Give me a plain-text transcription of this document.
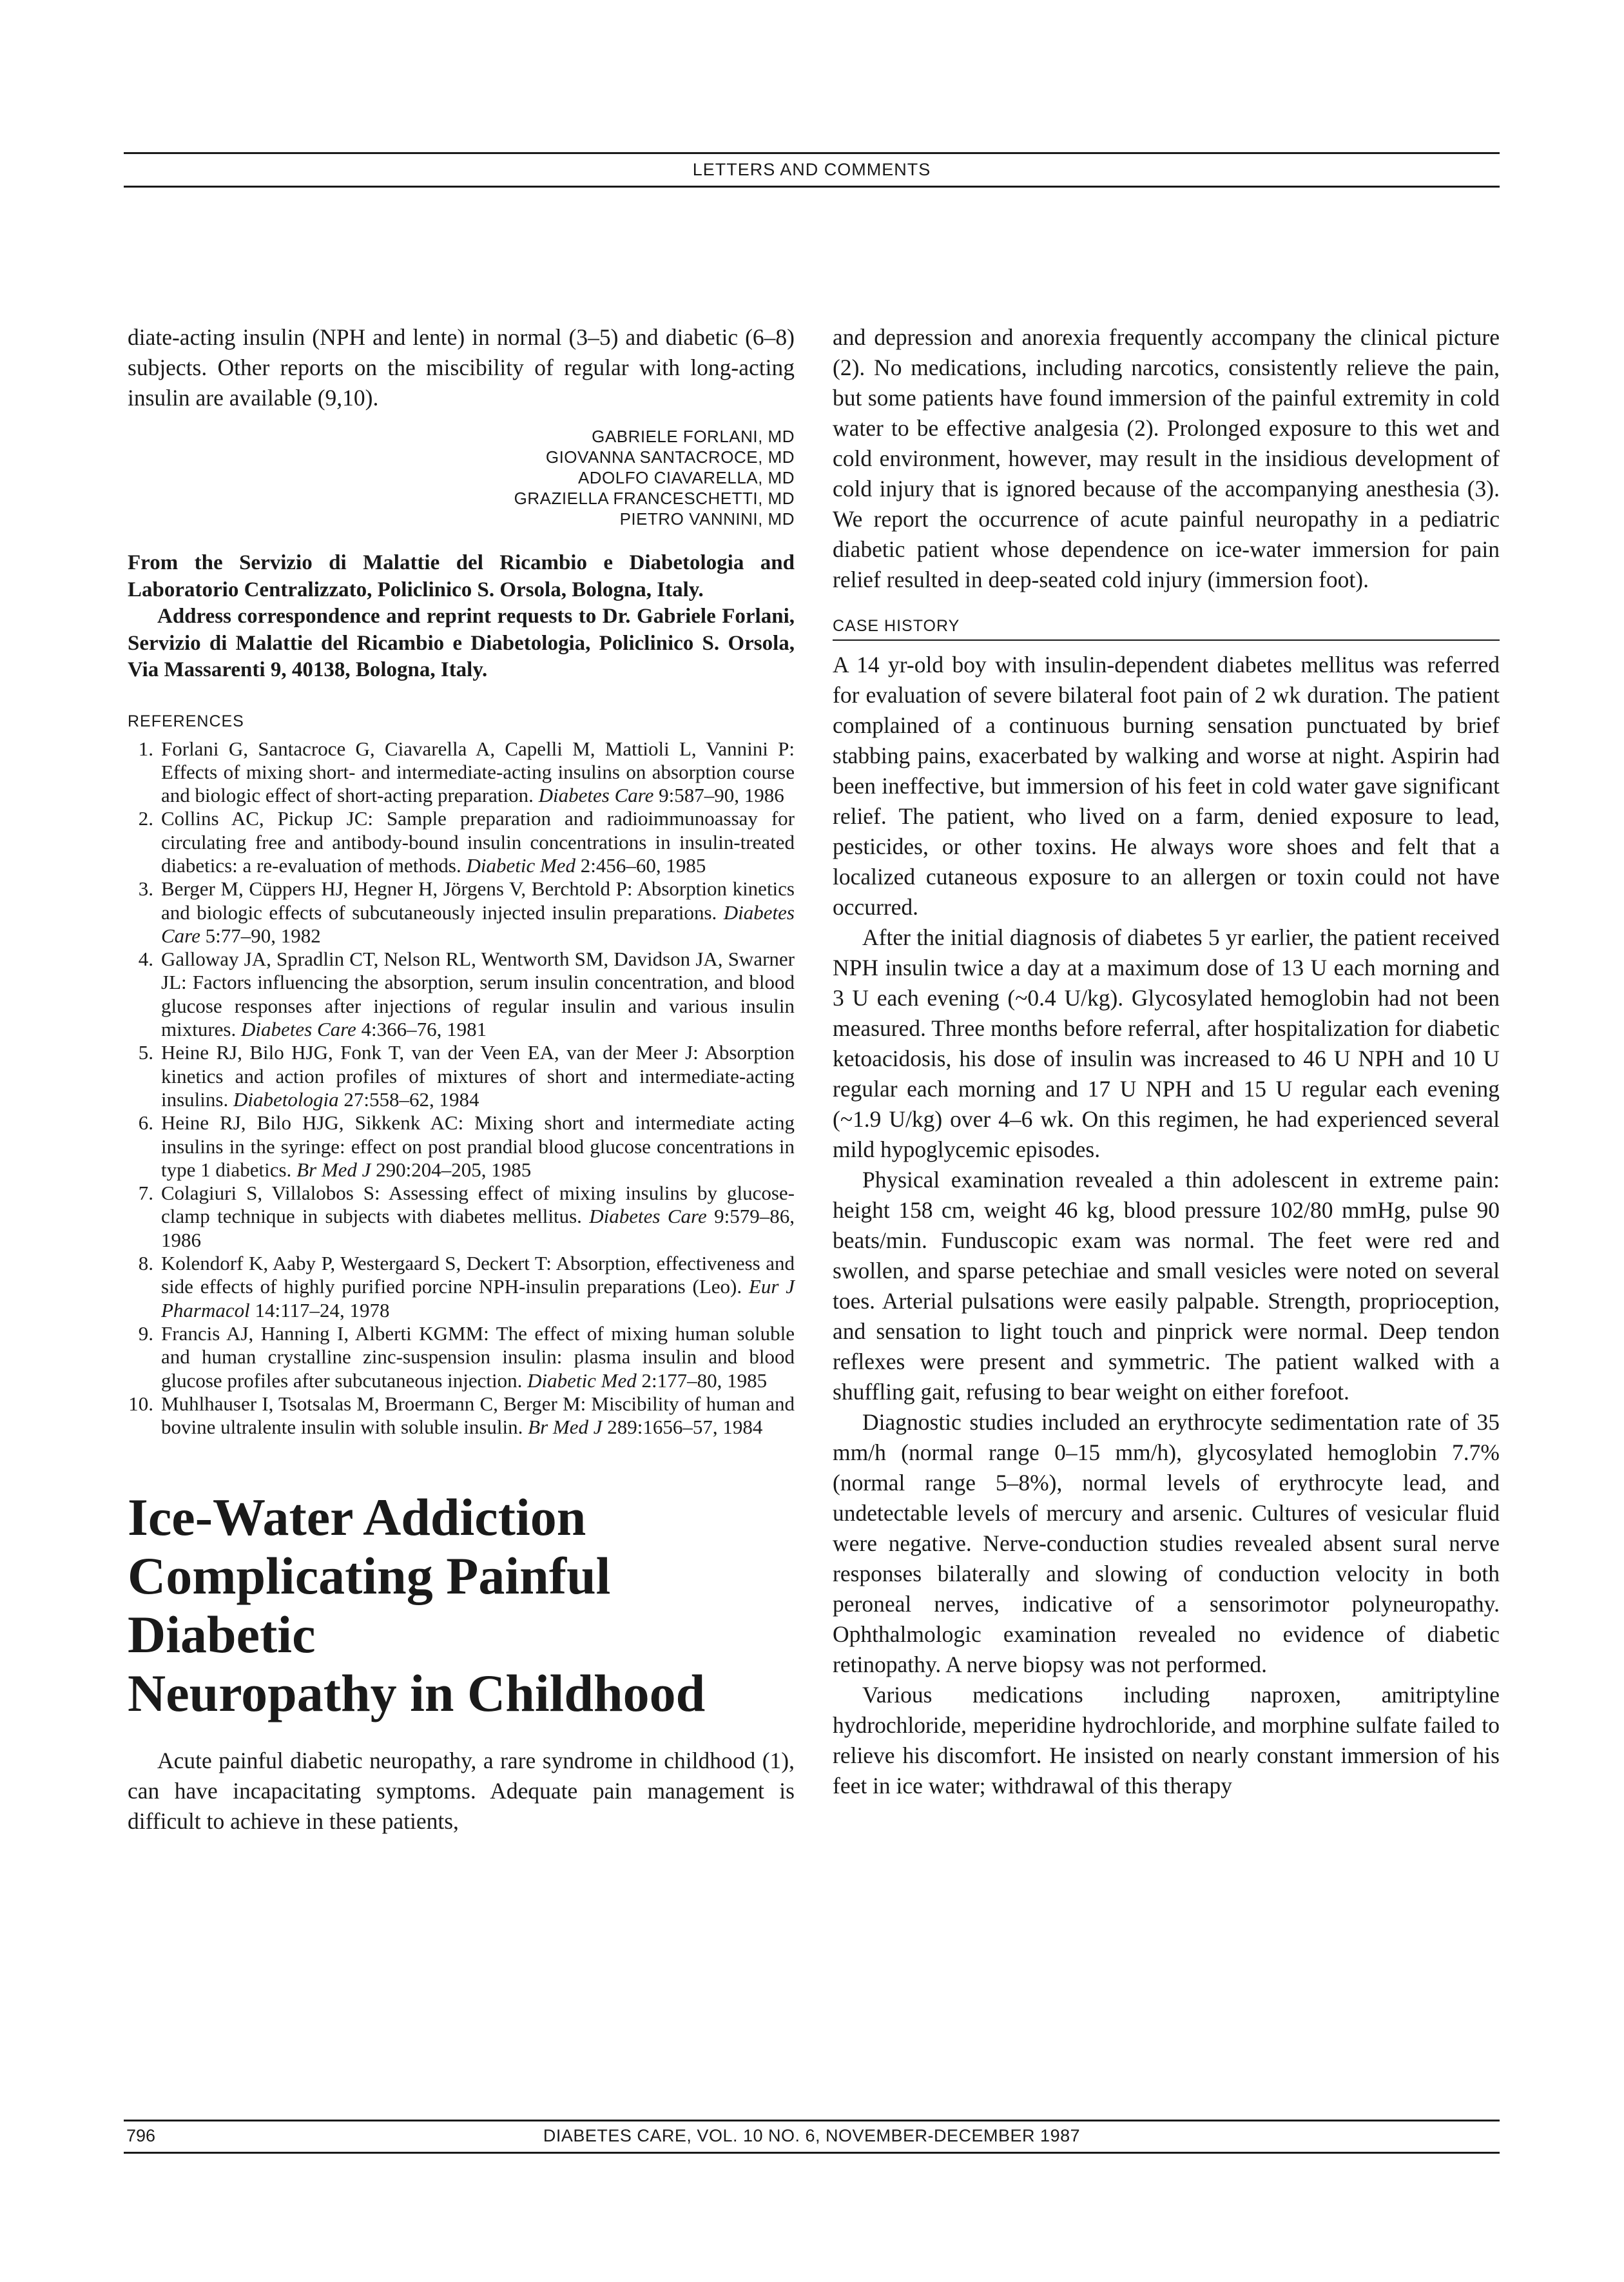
LETTERS AND COMMENTS

diate-acting insulin (NPH and lente) in normal (3–5) and diabetic (6–8) subjects. Other reports on the miscibility of regular with long-acting insulin are available (9,10).

GABRIELE FORLANI, MD
GIOVANNA SANTACROCE, MD
ADOLFO CIAVARELLA, MD
GRAZIELLA FRANCESCHETTI, MD
PIETRO VANNINI, MD

From the Servizio di Malattie del Ricambio e Diabetologia and Laboratorio Centralizzato, Policlinico S. Orsola, Bologna, Italy.

Address correspondence and reprint requests to Dr. Gabriele Forlani, Servizio di Malattie del Ricambio e Diabetologia, Policlinico S. Orsola, Via Massarenti 9, 40138, Bologna, Italy.

REFERENCES
1. Forlani G, Santacroce G, Ciavarella A, Capelli M, Mattioli L, Vannini P: Effects of mixing short- and intermediate-acting insulins on absorption course and biologic effect of short-acting preparation. Diabetes Care 9:587–90, 1986
2. Collins AC, Pickup JC: Sample preparation and radioimmunoassay for circulating free and antibody-bound insulin concentrations in insulin-treated diabetics: a re-evaluation of methods. Diabetic Med 2:456–60, 1985
3. Berger M, Cüppers HJ, Hegner H, Jörgens V, Berchtold P: Absorption kinetics and biologic effects of subcutaneously injected insulin preparations. Diabetes Care 5:77–90, 1982
4. Galloway JA, Spradlin CT, Nelson RL, Wentworth SM, Davidson JA, Swarner JL: Factors influencing the absorption, serum insulin concentration, and blood glucose responses after injections of regular insulin and various insulin mixtures. Diabetes Care 4:366–76, 1981
5. Heine RJ, Bilo HJG, Fonk T, van der Veen EA, van der Meer J: Absorption kinetics and action profiles of mixtures of short and intermediate-acting insulins. Diabetologia 27:558–62, 1984
6. Heine RJ, Bilo HJG, Sikkenk AC: Mixing short and intermediate acting insulins in the syringe: effect on post prandial blood glucose concentrations in type 1 diabetics. Br Med J 290:204–205, 1985
7. Colagiuri S, Villalobos S: Assessing effect of mixing insulins by glucose-clamp technique in subjects with diabetes mellitus. Diabetes Care 9:579–86, 1986
8. Kolendorf K, Aaby P, Westergaard S, Deckert T: Absorption, effectiveness and side effects of highly purified porcine NPH-insulin preparations (Leo). Eur J Pharmacol 14:117–24, 1978
9. Francis AJ, Hanning I, Alberti KGMM: The effect of mixing human soluble and human crystalline zinc-suspension insulin: plasma insulin and blood glucose profiles after subcutaneous injection. Diabetic Med 2:177–80, 1985
10. Muhlhauser I, Tsotsalas M, Broermann C, Berger M: Miscibility of human and bovine ultralente insulin with soluble insulin. Br Med J 289:1656–57, 1984
Ice-Water Addiction
Complicating Painful Diabetic
Neuropathy in Childhood

Acute painful diabetic neuropathy, a rare syndrome in childhood (1), can have incapacitating symptoms. Adequate pain management is difficult to achieve in these patients,

and depression and anorexia frequently accompany the clinical picture (2). No medications, including narcotics, consistently relieve the pain, but some patients have found immersion of the painful extremity in cold water to be effective analgesia (2). Prolonged exposure to this wet and cold environment, however, may result in the insidious development of cold injury that is ignored because of the accompanying anesthesia (3). We report the occurrence of acute painful neuropathy in a pediatric diabetic patient whose dependence on ice-water immersion for pain relief resulted in deep-seated cold injury (immersion foot).

CASE HISTORY

A 14 yr-old boy with insulin-dependent diabetes mellitus was referred for evaluation of severe bilateral foot pain of 2 wk duration. The patient complained of a continuous burning sensation punctuated by brief stabbing pains, exacerbated by walking and worse at night. Aspirin had been ineffective, but immersion of his feet in cold water gave significant relief. The patient, who lived on a farm, denied exposure to lead, pesticides, or other toxins. He always wore shoes and felt that a localized cutaneous exposure to an allergen or toxin could not have occurred.

After the initial diagnosis of diabetes 5 yr earlier, the patient received NPH insulin twice a day at a maximum dose of 13 U each morning and 3 U each evening (~0.4 U/kg). Glycosylated hemoglobin had not been measured. Three months before referral, after hospitalization for diabetic ketoacidosis, his dose of insulin was increased to 46 U NPH and 10 U regular each morning and 17 U NPH and 15 U regular each evening (~1.9 U/kg) over 4–6 wk. On this regimen, he had experienced several mild hypoglycemic episodes.

Physical examination revealed a thin adolescent in extreme pain: height 158 cm, weight 46 kg, blood pressure 102/80 mmHg, pulse 90 beats/min. Funduscopic exam was normal. The feet were red and swollen, and sparse petechiae and small vesicles were noted on several toes. Arterial pulsations were easily palpable. Strength, proprioception, and sensation to light touch and pinprick were normal. Deep tendon reflexes were present and symmetric. The patient walked with a shuffling gait, refusing to bear weight on either forefoot.

Diagnostic studies included an erythrocyte sedimentation rate of 35 mm/h (normal range 0–15 mm/h), glycosylated hemoglobin 7.7% (normal range 5–8%), normal levels of erythrocyte lead, and undetectable levels of mercury and arsenic. Cultures of vesicular fluid were negative. Nerve-conduction studies revealed absent sural nerve responses bilaterally and slowing of conduction velocity in both peroneal nerves, indicative of a sensorimotor polyneuropathy. Ophthalmologic examination revealed no evidence of diabetic retinopathy. A nerve biopsy was not performed.

Various medications including naproxen, amitriptyline hydrochloride, meperidine hydrochloride, and morphine sulfate failed to relieve his discomfort. He insisted on nearly constant immersion of his feet in ice water; withdrawal of this therapy

796	DIABETES CARE, VOL. 10 NO. 6, NOVEMBER-DECEMBER 1987
